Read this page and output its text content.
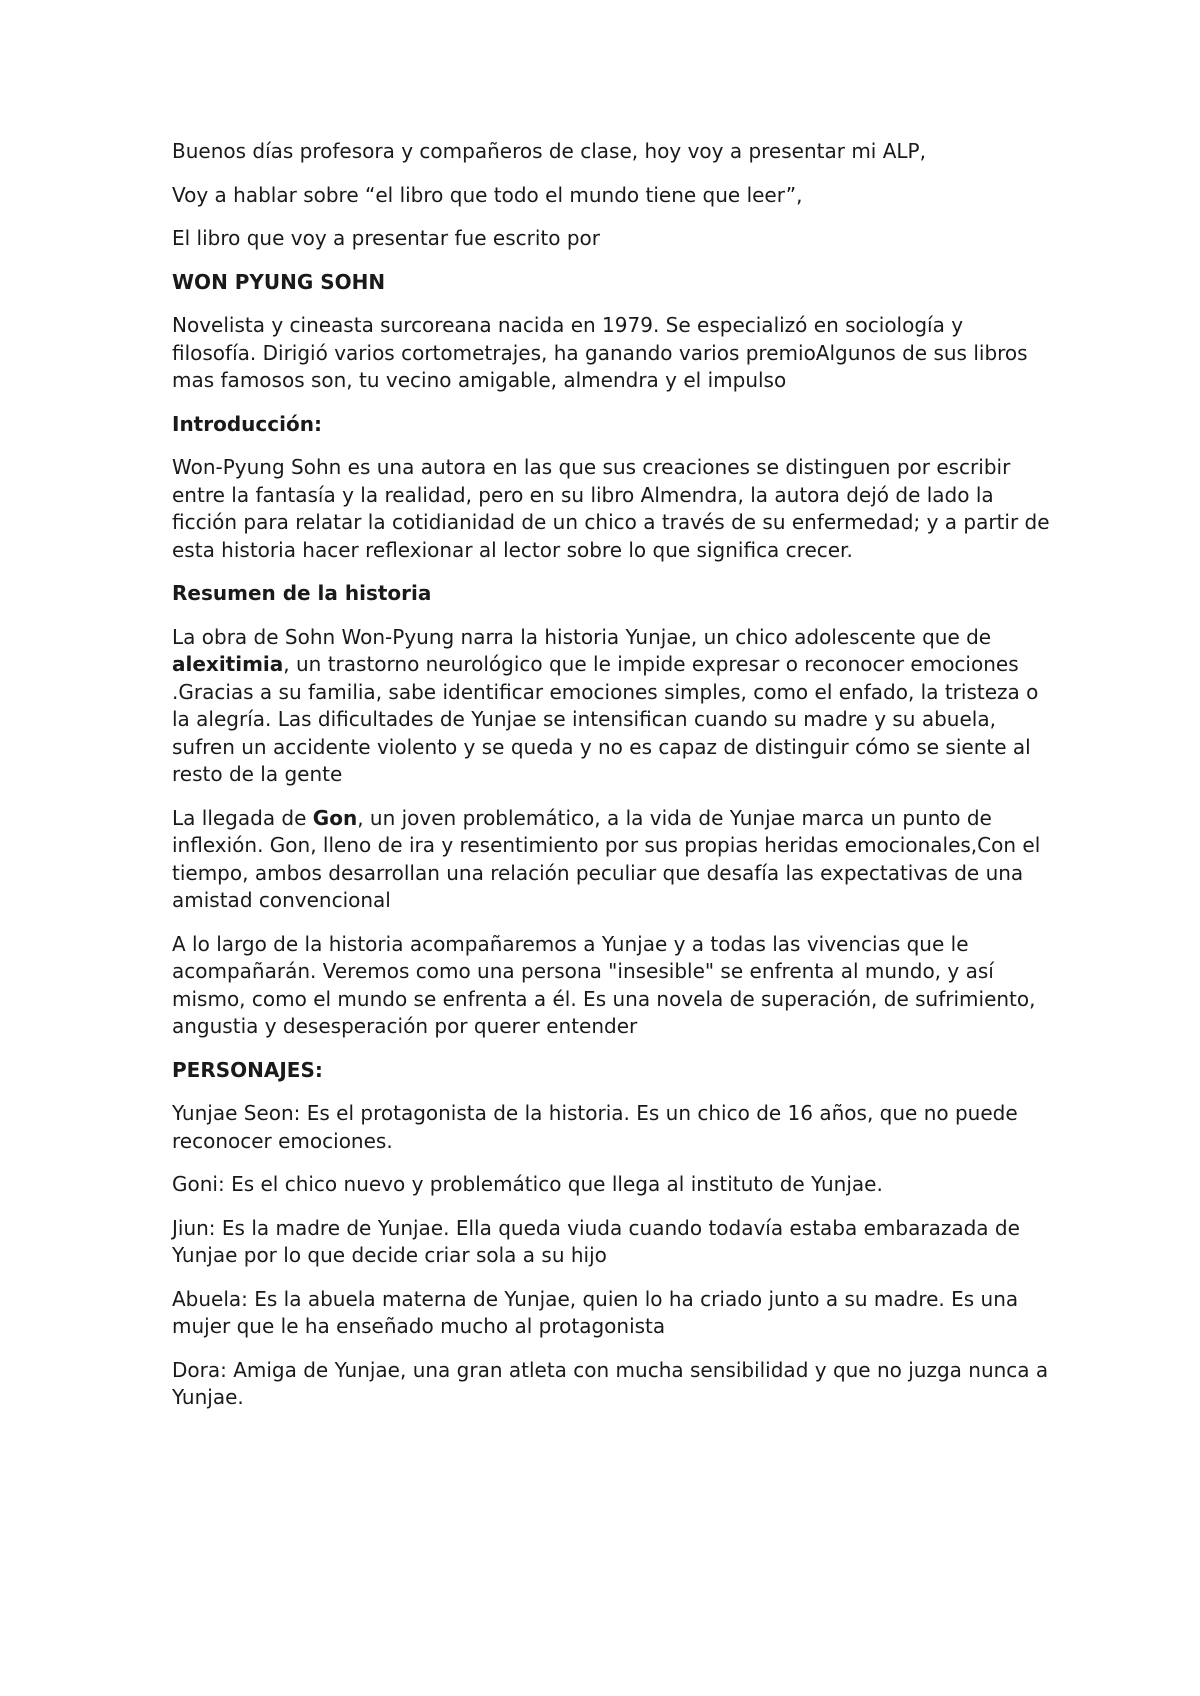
Buenos días profesora y compañeros de clase, hoy voy a presentar mi ALP,

Voy a hablar sobre “el libro que todo el mundo tiene que leer”,

El libro que voy a presentar fue escrito por

WON PYUNG SOHN

Novelista y cineasta surcoreana nacida en 1979. Se especializó en sociología y filosofía. Dirigió varios cortometrajes, ha ganando varios premioAlgunos de sus libros mas famosos son, tu vecino amigable, almendra y el impulso

Introducción:

Won-Pyung Sohn es una autora en las que sus creaciones se distinguen por escribir entre la fantasía y la realidad, pero en su libro Almendra, la autora dejó de lado la ficción para relatar la cotidianidad de un chico a través de su enfermedad; y a partir de esta historia hacer reflexionar al lector sobre lo que significa crecer.

Resumen de la historia

La obra de Sohn Won-Pyung narra la historia Yunjae, un chico adolescente que de alexitimia, un trastorno neurológico que le impide expresar o reconocer emociones .Gracias a su familia, sabe identificar emociones simples, como el enfado, la tristeza o la alegría. Las dificultades de Yunjae se intensifican cuando su madre y su abuela, sufren un accidente violento y se queda y no es capaz de distinguir cómo se siente al resto de la gente

La llegada de Gon, un joven problemático, a la vida de Yunjae marca un punto de inflexión. Gon, lleno de ira y resentimiento por sus propias heridas emocionales,Con el tiempo, ambos desarrollan una relación peculiar que desafía las expectativas de una amistad convencional

A lo largo de la historia acompañaremos a Yunjae y a todas las vivencias que le acompañarán. Veremos como una persona "insesible" se enfrenta al mundo, y así mismo, como el mundo se enfrenta a él. Es una novela de superación, de sufrimiento, angustia y desesperación por querer entender

PERSONAJES:

Yunjae Seon: Es el protagonista de la historia. Es un chico de 16 años, que no puede reconocer emociones.

Goni: Es el chico nuevo y problemático que llega al instituto de Yunjae.

Jiun: Es la madre de Yunjae. Ella queda viuda cuando todavía estaba embarazada de Yunjae por lo que decide criar sola a su hijo

Abuela: Es la abuela materna de Yunjae, quien lo ha criado junto a su madre. Es una mujer que le ha enseñado mucho al protagonista

Dora: Amiga de Yunjae, una gran atleta con mucha sensibilidad y que no juzga nunca a Yunjae.
